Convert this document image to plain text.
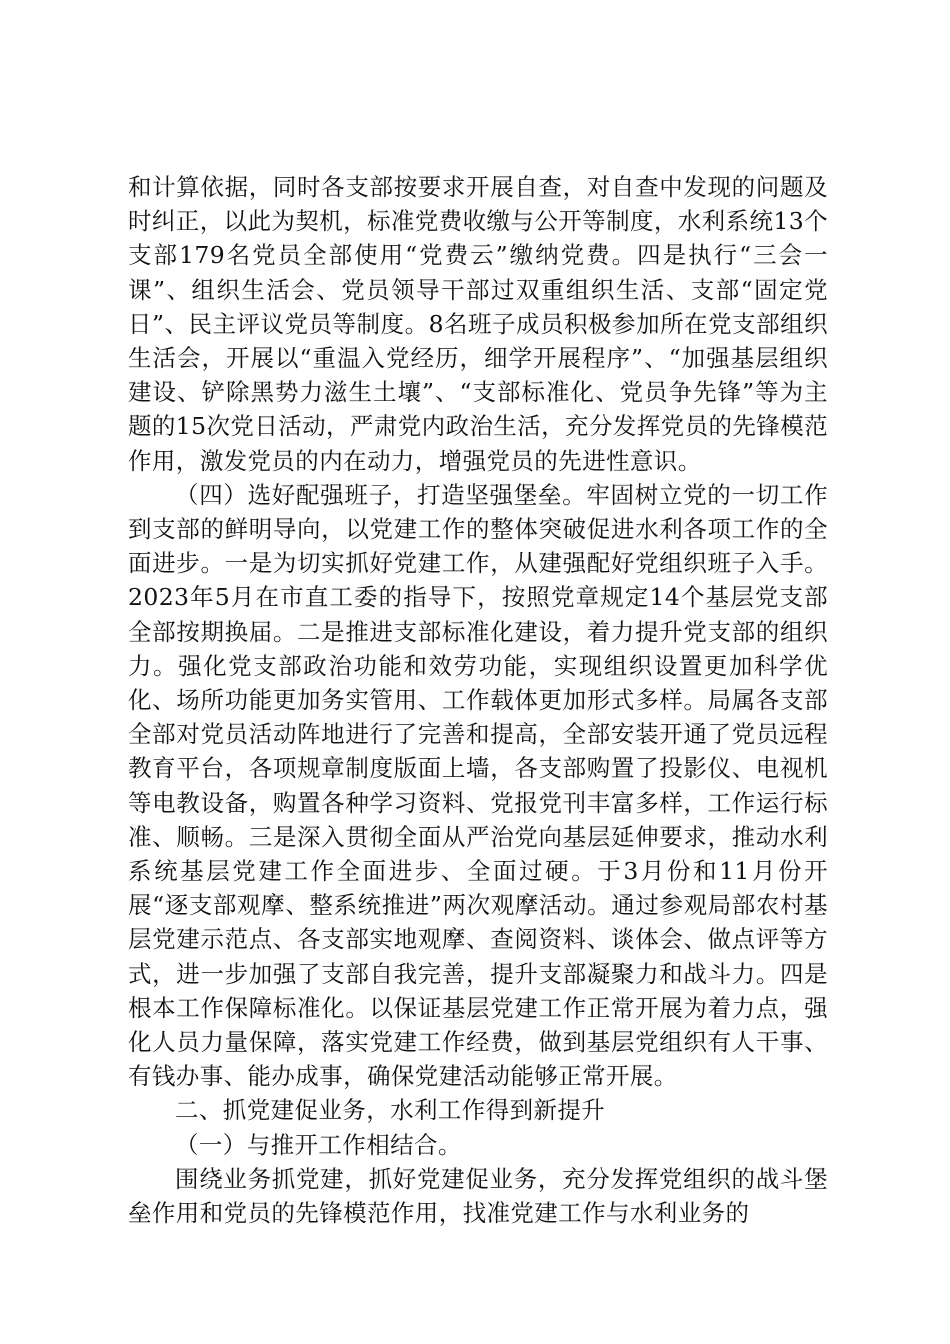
和计算依据，同时各支部按要求开展自查，对自查中发现的问题及时纠正，以此为契机，标准党费收缴与公开等制度，水利系统13个支部179名党员全部使用“党费云”缴纳党费。四是执行“三会一课”、组织生活会、党员领导干部过双重组织生活、支部“固定党日”、民主评议党员等制度。8名班子成员积极参加所在党支部组织生活会，开展以“重温入党经历，细学开展程序”、“加强基层组织建设、铲除黑势力滋生土壤”、“支部标准化、党员争先锋”等为主题的15次党日活动，严肃党内政治生活，充分发挥党员的先锋模范作用，激发党员的内在动力，增强党员的先进性意识。

（四）选好配强班子，打造坚强堡垒。牢固树立党的一切工作到支部的鲜明导向，以党建工作的整体突破促进水利各项工作的全面进步。一是为切实抓好党建工作，从建强配好党组织班子入手。2023年5月在市直工委的指导下，按照党章规定14个基层党支部全部按期换届。二是推进支部标准化建设，着力提升党支部的组织力。强化党支部政治功能和效劳功能，实现组织设置更加科学优化、场所功能更加务实管用、工作载体更加形式多样。局属各支部全部对党员活动阵地进行了完善和提高，全部安装开通了党员远程教育平台，各项规章制度版面上墙，各支部购置了投影仪、电视机等电教设备，购置各种学习资料、党报党刊丰富多样，工作运行标准、顺畅。三是深入贯彻全面从严治党向基层延伸要求，推动水利系统基层党建工作全面进步、全面过硬。于3月份和11月份开展“逐支部观摩、整系统推进”两次观摩活动。通过参观局部农村基层党建示范点、各支部实地观摩、查阅资料、谈体会、做点评等方式，进一步加强了支部自我完善，提升支部凝聚力和战斗力。四是根本工作保障标准化。以保证基层党建工作正常开展为着力点，强化人员力量保障，落实党建工作经费，做到基层党组织有人干事、有钱办事、能办成事，确保党建活动能够正常开展。

二、抓党建促业务，水利工作得到新提升

（一）与推开工作相结合。

围绕业务抓党建，抓好党建促业务，充分发挥党组织的战斗堡垒作用和党员的先锋模范作用，找准党建工作与水利业务的
